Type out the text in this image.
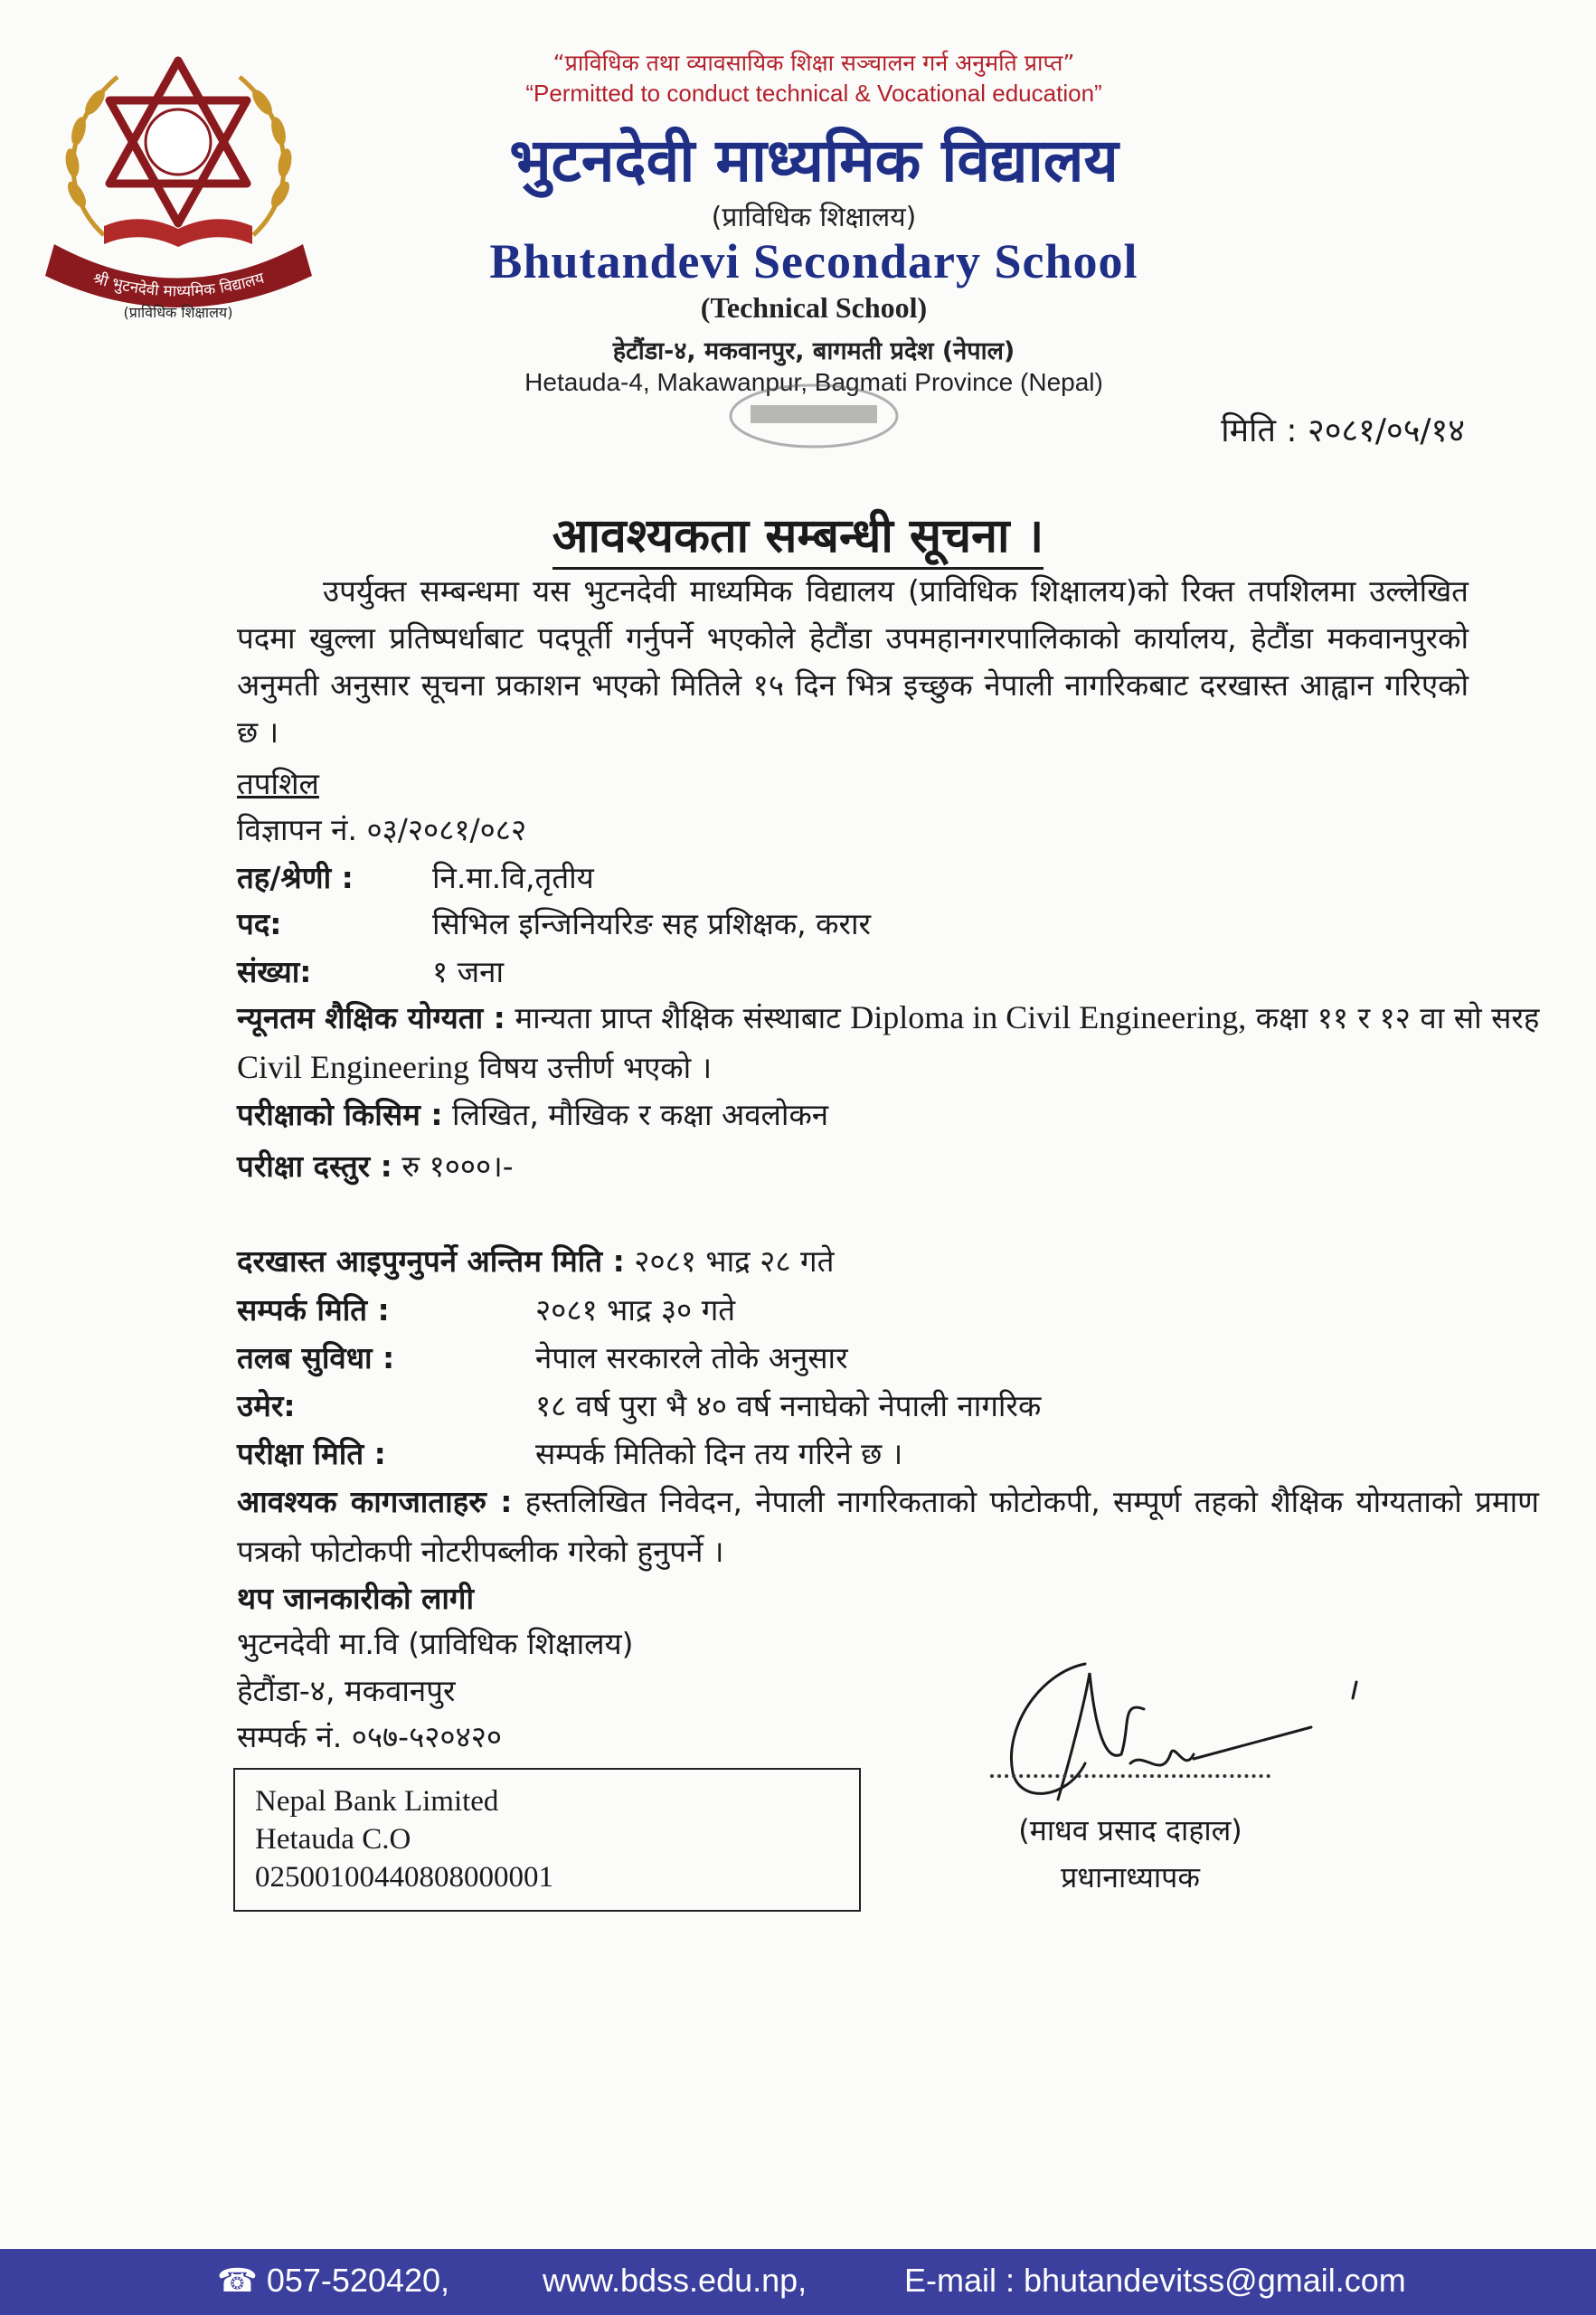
श्री भुटनदेवी माध्यमिक विद्यालय
(प्राविधिक शिक्षालय)
“प्राविधिक तथा व्यावसायिक शिक्षा सञ्चालन गर्न अनुमति प्राप्त”
“Permitted to conduct technical & Vocational education”
भुटनदेवी माध्यमिक विद्यालय
(प्राविधिक शिक्षालय)
Bhutandevi Secondary School
(Technical School)
हेटौंडा-४, मकवानपुर, बागमती प्रदेश (नेपाल)
Hetauda-4, Makawanpur, Bagmati Province (Nepal)
मिति : २०८१/०५/१४
आवश्यकता सम्बन्धी सूचना ।
उपर्युक्त सम्बन्धमा यस भुटनदेवी माध्यमिक विद्यालय (प्राविधिक शिक्षालय)को रिक्त तपशिलमा उल्लेखित पदमा खुल्ला प्रतिष्पर्धाबाट पदपूर्ती गर्नुपर्ने भएकोले हेटौंडा उपमहानगरपालिकाको कार्यालय, हेटौंडा मकवानपुरको अनुमती अनुसार सूचना प्रकाशन भएको मितिले १५ दिन भित्र इच्छुक नेपाली नागरिकबाट दरखास्त आह्वान गरिएको छ ।
तपशिल
विज्ञापन नं. ०३/२०८१/०८२
तह/श्रेणी :	नि.मा.वि,तृतीय
पद:	सिभिल इन्जिनियरिङ सह प्रशिक्षक, करार
संख्या:	१ जना
न्यूनतम शैक्षिक योग्यता : मान्यता प्राप्त शैक्षिक संस्थाबाट Diploma in Civil Engineering, कक्षा ११ र १२ वा सो सरह Civil Engineering विषय उत्तीर्ण भएको ।
परीक्षाको किसिम : लिखित, मौखिक र कक्षा अवलोकन
परीक्षा दस्तुर : रु १०००।-
दरखास्त आइपुग्नुपर्ने अन्तिम मिति : २०८१ भाद्र २८ गते
सम्पर्क मिति :	२०८१ भाद्र ३० गते
तलब सुविधा :	नेपाल सरकारले तोके अनुसार
उमेर:	१८ वर्ष पुरा भै ४० वर्ष ननाघेको नेपाली नागरिक
परीक्षा मिति :	सम्पर्क मितिको दिन तय गरिने छ ।
आवश्यक कागजाताहरु : हस्तलिखित निवेदन, नेपाली नागरिकताको फोटोकपी, सम्पूर्ण तहको शैक्षिक योग्यताको प्रमाण पत्रको फोटोकपी नोटरीपब्लीक गरेको हुनुपर्ने ।
थप जानकारीको लागी
भुटनदेवी मा.वि (प्राविधिक शिक्षालय)
हेटौंडा-४, मकवानपुर
सम्पर्क नं. ०५७-५२०४२०
Nepal Bank Limited
Hetauda C.O
02500100440808000001
(माधव प्रसाद दाहाल)
प्रधानाध्यापक
☎ 057-520420,	www.bdss.edu.np,	E-mail : bhutandevitss@gmail.com
